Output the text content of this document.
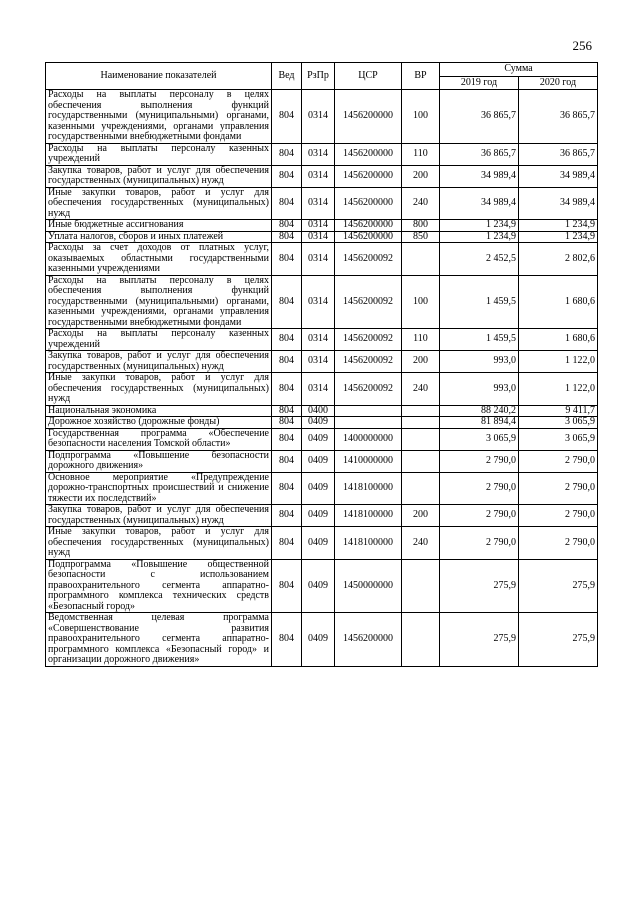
256
Наименование показателей	Вед	РзПр	ЦСР	ВР	Сумма	
					2019 год	2020 год
Расходы на выплаты персоналу в целях обеспечения выполнения функций государственными (муниципальными) органами, казенными учреждениями, органами управления государственными внебюджетными фондами	804	0314	1456200000	100	36 865,7	36 865,7
Расходы на выплаты персоналу казенных учреждений	804	0314	1456200000	110	36 865,7	36 865,7
Закупка товаров, работ и услуг для обеспечения государственных (муниципальных) нужд	804	0314	1456200000	200	34 989,4	34 989,4
Иные закупки товаров, работ и услуг для обеспечения государственных (муниципальных) нужд	804	0314	1456200000	240	34 989,4	34 989,4
Иные бюджетные ассигнования	804	0314	1456200000	800	1 234,9	1 234,9
Уплата налогов, сборов и иных платежей	804	0314	1456200000	850	1 234,9	1 234,9
Расходы за счет доходов от платных услуг, оказываемых областными государственными казенными учреждениями	804	0314	1456200092		2 452,5	2 802,6
Расходы на выплаты персоналу в целях обеспечения выполнения функций государственными (муниципальными) органами, казенными учреждениями, органами управления государственными внебюджетными фондами	804	0314	1456200092	100	1 459,5	1 680,6
Расходы на выплаты персоналу казенных учреждений	804	0314	1456200092	110	1 459,5	1 680,6
Закупка товаров, работ и услуг для обеспечения государственных (муниципальных) нужд	804	0314	1456200092	200	993,0	1 122,0
Иные закупки товаров, работ и услуг для обеспечения государственных (муниципальных) нужд	804	0314	1456200092	240	993,0	1 122,0
Национальная экономика	804	0400			88 240,2	9 411,7
Дорожное хозяйство (дорожные фонды)	804	0409			81 894,4	3 065,9
Государственная программа «Обеспечение безопасности населения Томской области»	804	0409	1400000000		3 065,9	3 065,9
Подпрограмма «Повышение безопасности дорожного движения»	804	0409	1410000000		2 790,0	2 790,0
Основное мероприятие «Предупреждение дорожно-транспортных происшествий и снижение тяжести их последствий»	804	0409	1418100000		2 790,0	2 790,0
Закупка товаров, работ и услуг для обеспечения государственных (муниципальных) нужд	804	0409	1418100000	200	2 790,0	2 790,0
Иные закупки товаров, работ и услуг для обеспечения государственных (муниципальных) нужд	804	0409	1418100000	240	2 790,0	2 790,0
Подпрограмма «Повышение общественной безопасности с использованием правоохранительного сегмента аппаратно-программного комплекса технических средств «Безопасный город»	804	0409	1450000000		275,9	275,9
Ведомственная целевая программа «Совершенствование развития правоохранительного сегмента аппаратно-программного комплекса «Безопасный город» и организации дорожного движения»	804	0409	1456200000		275,9	275,9
